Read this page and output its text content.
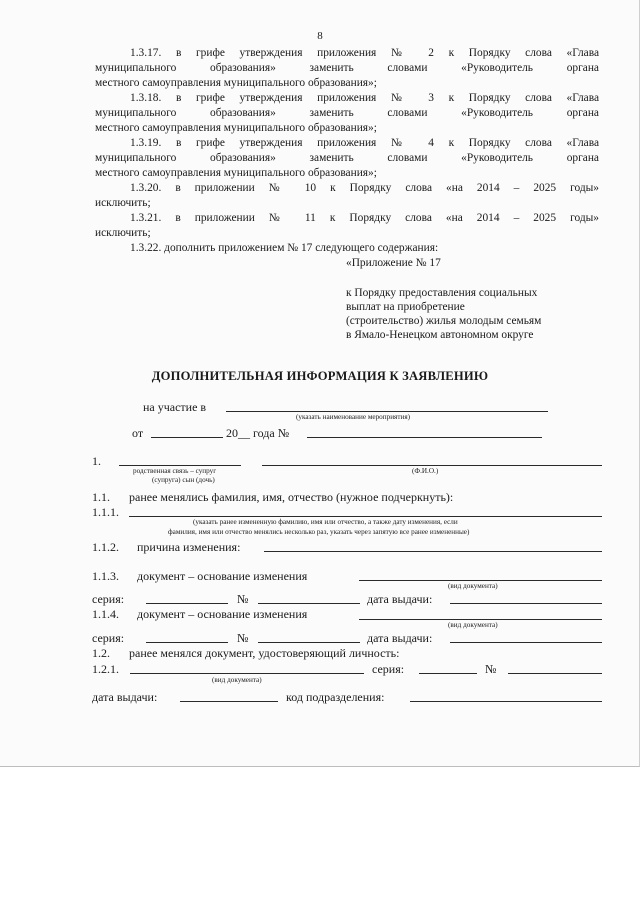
8
1.3.17. в грифе утверждения приложения № 2 к Порядку слова «Глава
муниципального образования» заменить словами «Руководитель органа
местного самоуправления муниципального образования»;
1.3.18. в грифе утверждения приложения № 3 к Порядку слова «Глава
муниципального образования» заменить словами «Руководитель органа
местного самоуправления муниципального образования»;
1.3.19. в грифе утверждения приложения № 4 к Порядку слова «Глава
муниципального образования» заменить словами «Руководитель органа
местного самоуправления муниципального образования»;
1.3.20. в приложении № 10 к Порядку слова «на 2014 – 2025 годы»
исключить;
1.3.21. в приложении № 11 к Порядку слова «на 2014 – 2025 годы»
исключить;
1.3.22. дополнить приложением № 17 следующего содержания:
«Приложение № 17
к Порядку предоставления социальных
выплат на приобретение
(строительство) жилья молодым семьям
в Ямало-Ненецком автономном округе
ДОПОЛНИТЕЛЬНАЯ ИНФОРМАЦИЯ К ЗАЯВЛЕНИЮ
на участие в
(указать наименование мероприятия)
от	20__ года №
1.
родственная связь – супруг
(супруга) сын (дочь)
(Ф.И.О.)
1.1. ранее менялись фамилия, имя, отчество (нужное подчеркнуть):
1.1.1.
(указать ранее измененную фамилию, имя или отчество, а также дату изменения, если
фамилия, имя или отчество менялись несколько раз, указать через запятую все ранее измененные)
1.1.2. причина изменения:
1.1.3. документ – основание изменения
(вид документа)
серия:	№	дата выдачи:
1.1.4. документ – основание изменения
(вид документа)
серия:	№	дата выдачи:
1.2. ранее менялся документ, удостоверяющий личность:
1.2.1.
(вид документа)
серия:	№
дата выдачи:	код подразделения:
